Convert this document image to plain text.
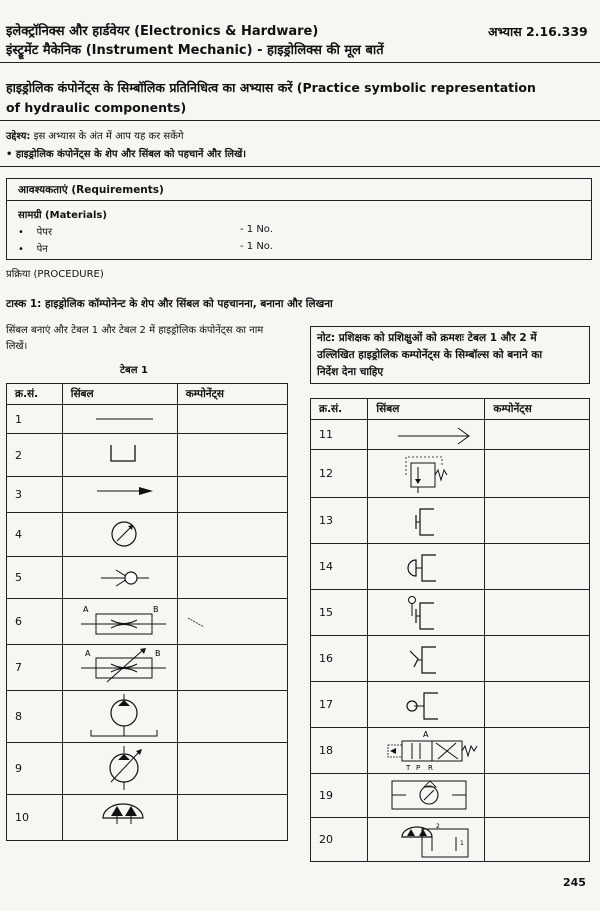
इलेक्ट्रॉनिक्स और हार्डवेयर (Electronics & Hardware)
इंस्ट्रूमेंट मैकेनिक (Instrument Mechanic) - हाइड्रोलिक्स की मूल बातें
अभ्यास 2.16.339
हाइड्रोलिक कंपोनेंट्स के सिम्बॉलिक प्रतिनिधित्व का अभ्यास करें (Practice symbolic representation
of hydraulic components)
उद्देश्य: इस अभ्यास के अंत में आप यह कर सकेंगे
• हाइड्रोलिक कंपोनेंट्स के शेप और सिंबल को पहचानें और लिखें।
आवश्यकताएं (Requirements)
सामग्री (Materials)
•    पेपर	- 1 No.
•    पेन	- 1 No.
प्रक्रिया (PROCEDURE)
टास्क 1: हाइड्रोलिक कॉम्पोनेन्ट के शेप और सिंबल को पहचानना, बनाना और लिखना
सिंबल बनाएं और टेबल 1 और टेबल 2 में हाइड्रोलिक कंपोनेंट्स का नाम
लिखें।
नोट: प्रशिक्षक को प्रशिक्षुओं को क्रमशः टेबल 1 और 2 में
उल्लिखित हाइड्रोलिक कम्पोनेंट्स के सिम्बॉल्स को बनाने का
निर्देश देना चाहिए
टेबल 1
क्र.सं.	सिंबल	कम्पोनेंट्स
1	

2	

3	

4	

5	

6	A B

7	A B	

8	

9	

10	

क्र.सं.	सिंबल	कम्पोनेंट्स
11	

12	

13	

14	

15	

16	

17	

18	A
P R
T	

19	

20	2
1	

245
